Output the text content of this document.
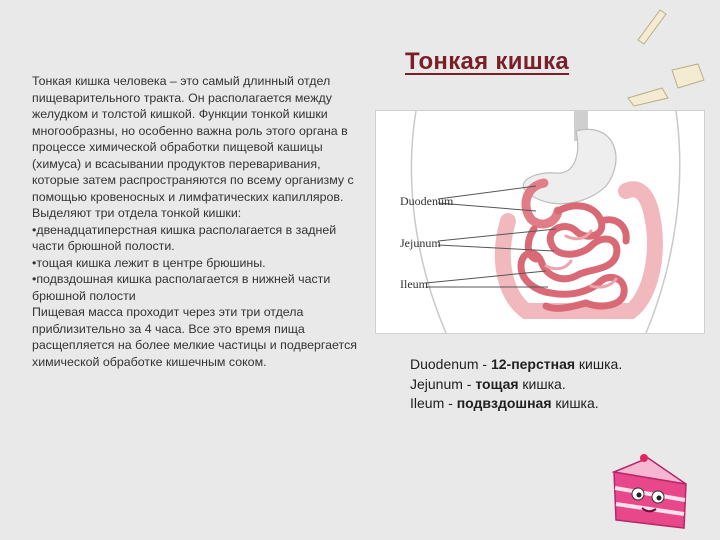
Тонкая кишка

Тонкая кишка человека – это самый длинный отдел пищеварительного тракта. Он располагается между желудком и толстой кишкой. Функции тонкой кишки многообразны, но особенно важна роль этого органа в процессе химической обработки пищевой кашицы (химуса) и всасывании продуктов переваривания, которые затем распространяются по всему организму с помощью кровеносных и лимфатических капилляров.

Выделяют три отдела тонкой кишки:

•двенадцатиперстная кишка располагается в задней части брюшной полости.

•тощая кишка лежит в центре брюшины.

•подвздошная кишка располагается в нижней части брюшной полости

Пищевая масса проходит через эти три отдела приблизительно за 4 часа. Все это время пища расщепляется на более мелкие частицы и подвергается химической обработке кишечным соком.

Duodenum
Jejunum
Ileum
Duodenum - 12-перстная кишка.
Jejunum - тощая кишка.
Ileum - подвздошная кишка.
